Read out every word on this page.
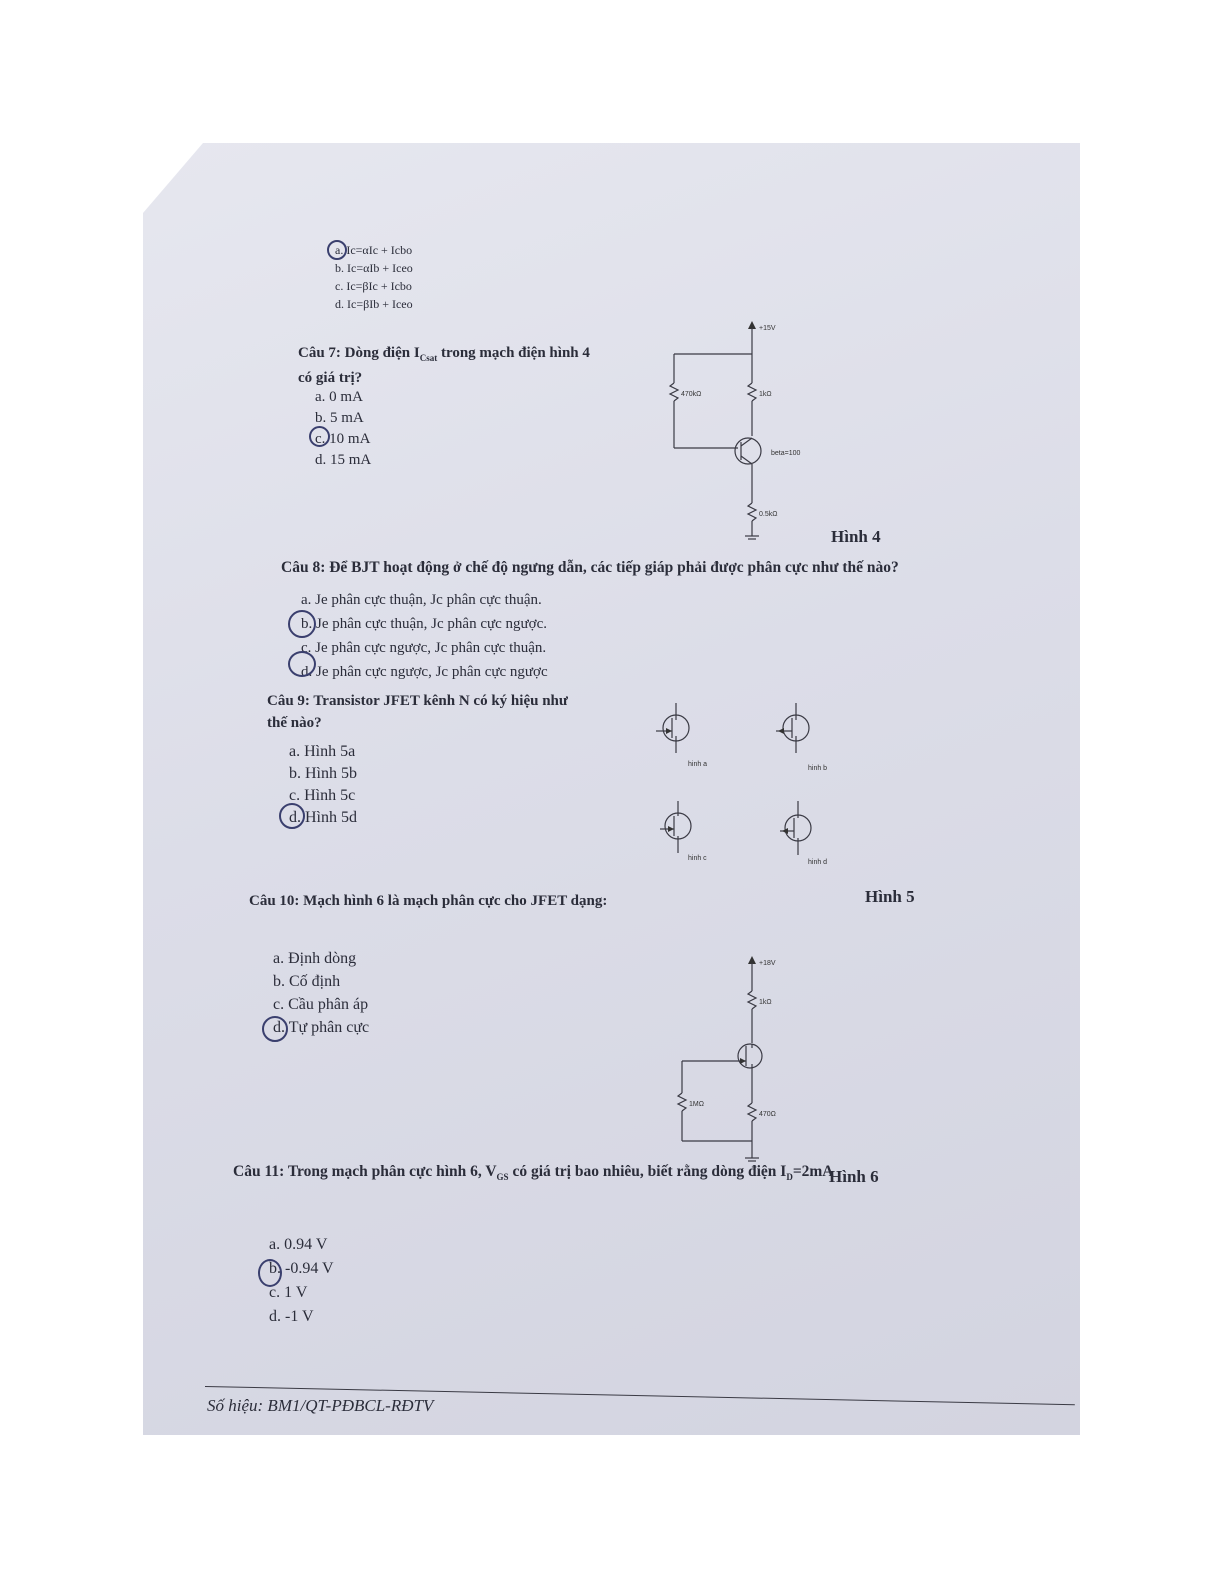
a. Ic=αIc + Icbo
b. Ic=αIb + Iceo
c. Ic=βIc + Icbo
d. Ic=βIb + Iceo
Câu 7: Dòng điện $I_{Csat}$ trong mạch điện hình 4
có giá trị?
a. 0 mA
b. 5 mA
c. 10 mA
d. 15 mA
+15V
470kΩ	1kΩ
beta=100
0.5kΩ
Hình 4
Câu 8: Để BJT hoạt động ở chế độ ngưng dẫn, các tiếp giáp phải được phân cực như thế nào?
a. Je phân cực thuận, Jc phân cực thuận.
b. Je phân cực thuận, Jc phân cực ngược.
c. Je phân cực ngược, Jc phân cực thuận.
d. Je phân cực ngược, Jc phân cực ngược
Câu 9: Transistor JFET kênh N có ký hiệu như
thế nào?
a. Hình 5a
b. Hình 5b
c. Hình 5c
d. Hình 5d
hinh a
hinh b
hinh c
hinh d
Hình 5
Câu 10: Mạch hình 6 là mạch phân cực cho JFET dạng:
a. Định dòng
b. Cố định
c. Cầu phân áp
d. Tự phân cực
+18V
1kΩ
1MΩ
470Ω
Hình 6
Câu 11: Trong mạch phân cực hình 6, $V_{GS}$ có giá trị bao nhiêu, biết rằng dòng điện $I_D=2mA$
a. 0.94 V
b. -0.94 V
c. 1 V
d. -1 V
Số hiệu: BM1/QT-PĐBCL-RĐTV
